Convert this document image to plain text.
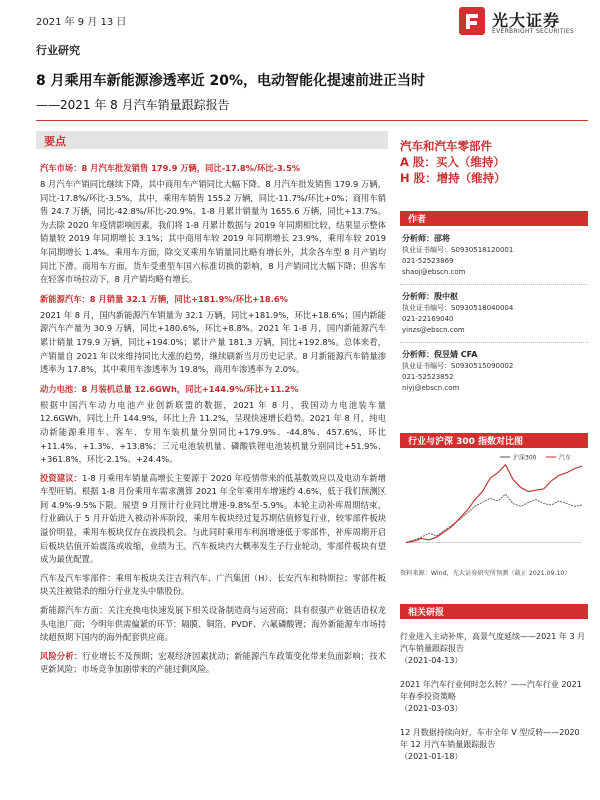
2021 年 9 月 13 日	光大证券
EVERBRIGHT SECURITIES
行业研究
8 月乘用车新能源渗透率近 20%，电动智能化提速前进正当时
——2021 年 8 月汽车销量跟踪报告
要点
汽车市场：8 月汽车批发销售 179.9 万辆，同比-17.8%/环比-3.5%
8 月汽车产销同比继续下降，其中商用车产销同比大幅下降。8 月汽车批发销售 179.9 万辆，同比-17.8%/环比-3.5%，其中，乘用车销售 155.2 万辆，同比-11.7%/环比+0%；商用车销售 24.7 万辆，同比-42.8%/环比-20.9%。1-8 月累计销量为 1655.6 万辆，同比+13.7%。为去除 2020 年疫情影响因素，我们将 1-8 月累计数据与 2019 年同期相比较，结果显示整体销量较 2019 年同期增长 3.1%；其中商用车较 2019 年同期增长 23.9%，乘用车较 2019 年同期增长 1.4%。乘用车方面，除交叉乘用车销量同比略有增长外，其余各车型 8 月产销均同比下滑。商用车方面，货车受重型车国六标准切换的影响，8 月产销同比大幅下降；但客车在轻客市场拉动下，8 月产销均略有增长。
新能源汽车：8 月销量 32.1 万辆，同比+181.9%/环比+18.6%
2021 年 8 月，国内新能源汽车销量为 32.1 万辆，同比+181.9%，环比+18.6%；国内新能源汽车产量为 30.9 万辆，同比+180.6%，环比+8.8%。2021 年 1-8 月，国内新能源汽车累计销量 179.9 万辆，同比+194.0%；累计产量 181.3 万辆，同比+192.8%。总体来看，产销量自 2021 年以来维持同比大涨的趋势，继续刷新当月历史记录。8 月新能源汽车销量渗透率为 17.8%，其中乘用车渗透率为 19.8%，商用车渗透率为 2.0%。
动力电池：8 月装机总量 12.6GWh，同比+144.9%/环比+11.2%
根据中国汽车动力电池产业创新联盟的数据，2021 年 8 月，我国动力电池装车量 12.6GWh，同比上升 144.9%，环比上升 11.2%，呈现快速增长趋势。2021 年 8 月，纯电动新能源乘用车、客车、专用车装机量分别同比+179.9%、-44.8%、457.6%，环比+11.4%、+1.3%、+13.8%；三元电池装机量、磷酸铁锂电池装机量分别同比+51.9%、+361.8%，环比-2.1%、+24.4%。
投资建议：1-8 月乘用车销量高增长主要源于 2020 年疫情带来的低基数效应以及电动车新增车型旺销。根据 1-8 月份乘用车需求测算 2021 年全年乘用车增速约 4.6%，低于我们预测区间 4.9%-9.5%下限。展望 9 月预计行业同比增速-9.8%至-5.9%。本轮主动补库周期结束，行业确认于 5 月开始进入被动补库阶段，乘用车板块经过复苏期估值修复行业，较零部件板块溢价明显，乘用车板块仅存在波段机会。与此同时乘用车利润增速低于零部件，补库周期开启后板块估值开始震荡或收缩，业绩为王。汽车板块内大概率发生子行业轮动，零部件板块有望成为最优配置。
汽车及汽车零部件：乘用车板块关注吉利汽车、广汽集团（H）、长安汽车和特斯拉；零部件板块关注被错杀的细分行业龙头中鼎股份。
新能源汽车方面：关注充换电快速发展下相关设备制造商与运营商；具有很强产业链话语权龙头电池厂商；今明年供需偏紧的环节：隔膜、铜箔、PVDF、六氟磷酸锂；海外新能源车市场持续超预期下国内的海外配套供应商。
风险分析：行业增长不及预期；宏观经济因素扰动；新能源汽车政策变化带来负面影响；技术更新风险；市场竞争加剧带来的产能过剩风险。
汽车和汽车零部件
A 股：买入（维持）
H 股：增持（维持）
作者
分析师：邵将
执业证书编号：S0930518120001
021-52523869
shaoj@ebscn.com
分析师：殷中枢
执业证书编号：S0930518040004
021-22169040
yinzs@ebscn.com
分析师：倪昱婧 CFA
执业证书编号：S0930515090002
021-52523852
niyj@ebscn.com
行业与沪深 300 指数对比图
沪深300	汽车
资料来源：Wind，光大证券研究所预测（截止 2021.09.10）
相关研报
行业进入主动补库，高景气度延续——2021 年 3 月汽车销量跟踪报告
（2021-04-13）
2021 年汽车行业何时怎么转？——汽车行业 2021 年春季投资策略
（2021-03-03）
12 月数据持续向好，车市全年 V 型反转——2020 年 12 月汽车销量跟踪报告
（2021-01-18）
